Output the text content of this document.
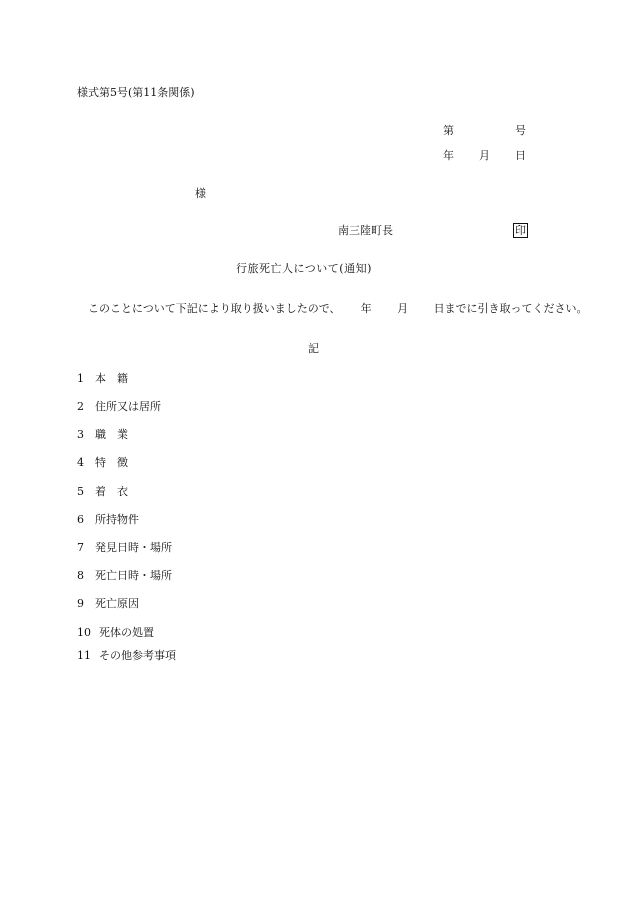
様式第5号(第11条関係)
第	号
年 月 日
様
南三陸町長	印
行旅死亡人について(通知)
このことについて下記により取り扱いましたので、　　 年　　 月　　 日までに引き取ってください。
記
1 本　籍
2 住所又は居所
3 職　業
4 特　徴
5 着　衣
6 所持物件
7 発見日時・場所
8 死亡日時・場所
9 死亡原因
10 死体の処置
11 その他参考事項
